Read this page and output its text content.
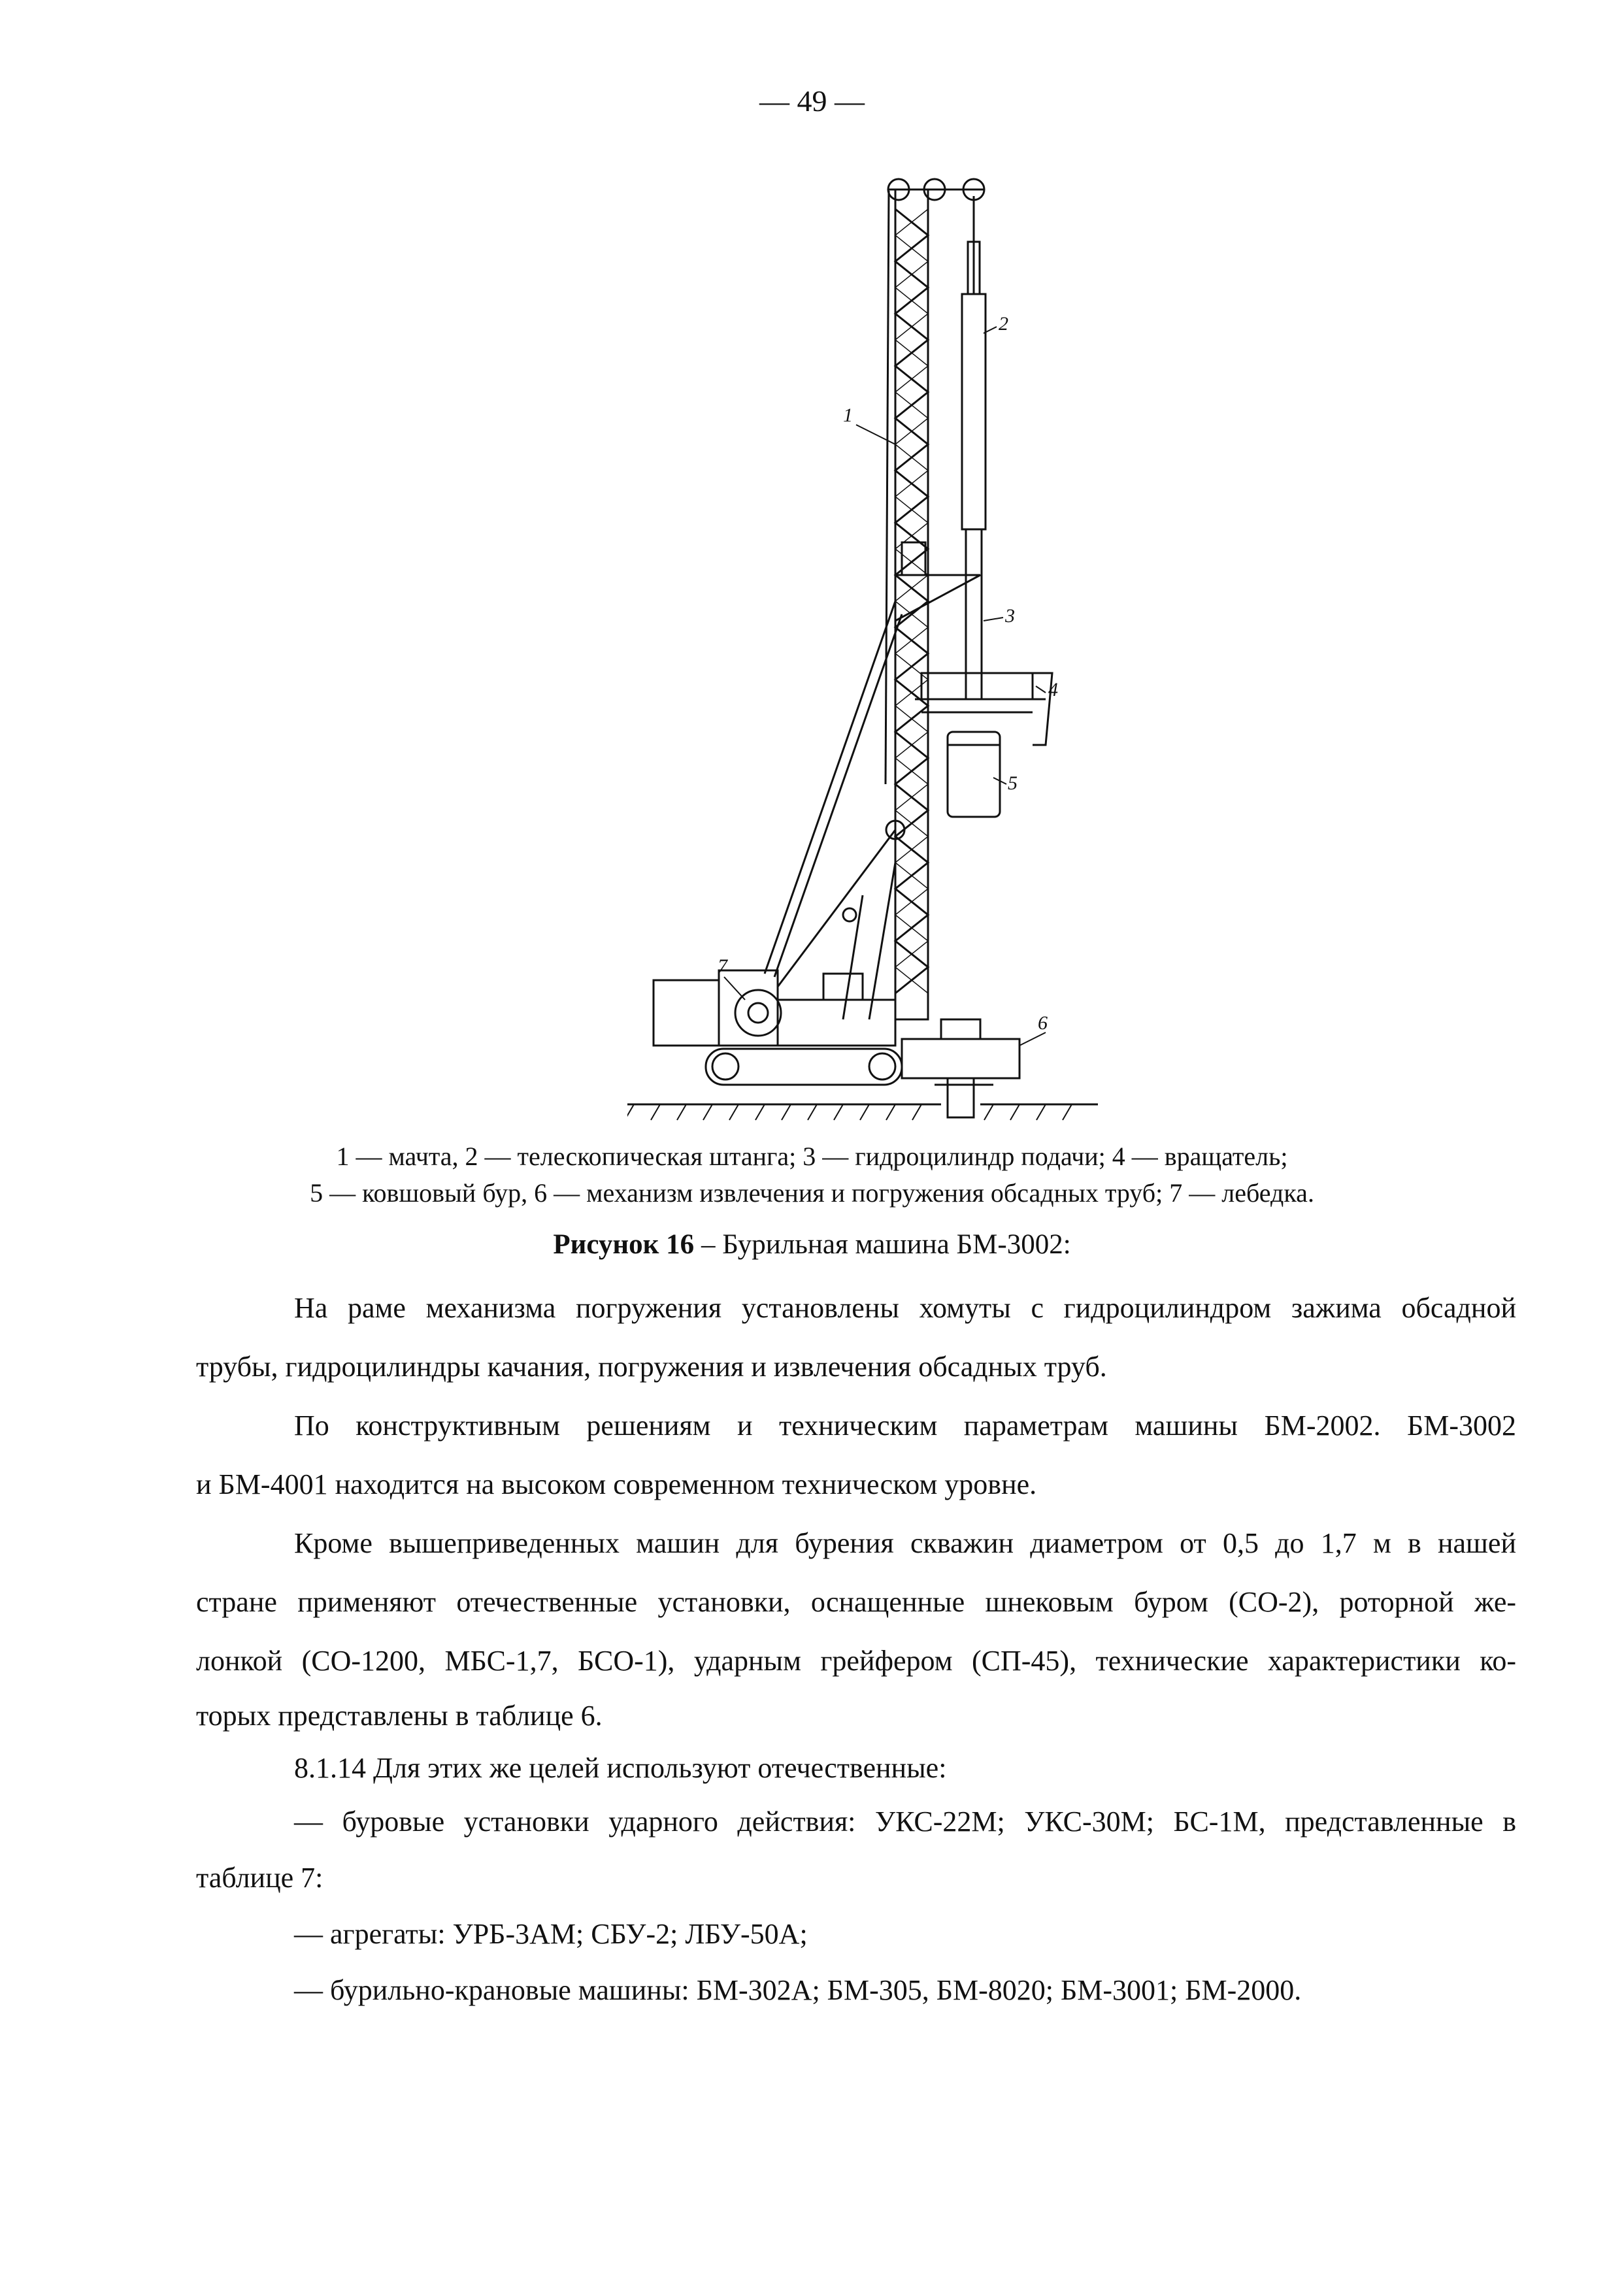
— 49 —
1
2
3
4
5
6
7
1 — мачта, 2 — телескопическая штанга; 3 — гидроцилиндр подачи; 4 — вращатель;
5 — ковшовый бур, 6 — механизм извлечения и погружения обсадных труб; 7 — лебедка.
Рисунок 16 – Бурильная машина БМ-3002:
На раме механизма погружения установлены хомуты с гидроцилиндром зажима обсадной
трубы, гидроцилиндры качания, погружения и извлечения обсадных труб.
По конструктивным решениям и техническим параметрам машины БМ-2002. БМ-3002
и БМ-4001 находится на высоком современном техническом уровне.
Кроме вышеприведенных машин для бурения скважин диаметром от 0,5 до 1,7 м в нашей
стране применяют отечественные установки, оснащенные шнековым буром (СО-2), роторной же-
лонкой (СО-1200, МБС-1,7, БСО-1), ударным грейфером (СП-45), технические характеристики ко-
торых представлены в таблице 6.
8.1.14 Для этих же целей используют отечественные:
— буровые установки ударного действия: УКС-22М; УКС-30М; БС-1М, представленные в
таблице 7:
— агрегаты: УРБ-3АМ; СБУ-2; ЛБУ-50А;
— бурильно-крановые машины: БМ-302А; БМ-305, БМ-8020; БМ-3001; БМ-2000.
